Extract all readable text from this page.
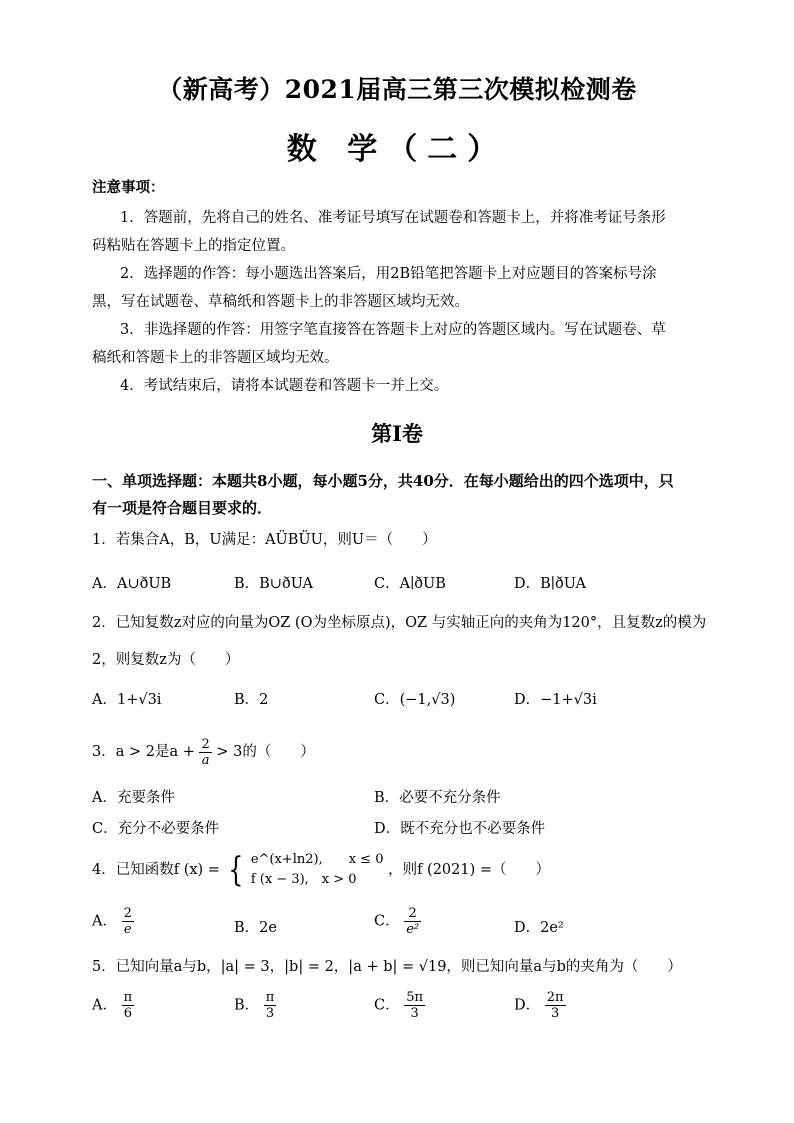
（新高考）2021届高三第三次模拟检测卷
数 学（二）
注意事项：
1．答题前，先将自己的姓名、准考证号填写在试题卷和答题卡上，并将准考证号条形
码粘贴在答题卡上的指定位置。
2．选择题的作答：每小题选出答案后，用2B铅笔把答题卡上对应题目的答案标号涂
黑，写在试题卷、草稿纸和答题卡上的非答题区域均无效。
3．非选择题的作答：用签字笔直接答在答题卡上对应的答题区域内。写在试题卷、草
稿纸和答题卡上的非答题区域均无效。
4．考试结束后，请将本试题卷和答题卡一并上交。
第Ⅰ卷
一、单项选择题：本题共8小题，每小题5分，共40分．在每小题给出的四个选项中，只
有一项是符合题目要求的．
1．若集合A，B，U满足：AÜBÜU，则U＝（　　）
A．A∪ðUB	B．B∪ðUA	C．A∣ðUB	D．B∣ðUA
2．已知复数z对应的向量为OZ (O为坐标原点)，OZ 与实轴正向的夹角为120°，且复数z的模为
2，则复数z为（　　）
A．1+√3i	B．2	C．(−1,√3)	D．−1+√3i
3．a > 2是$a + \frac{2}{a} > 3$的（　　）
A．充要条件	B．必要不充分条件
C．充分不必要条件	D．既不充分也不必要条件
4．已知函数f (x) = { e^(x+ln2),　　x ≤ 0
f (x − 3),　x > 0
，则f (2021) =（　　）
A． $\frac{2}{e}$	B．2e	C． $\frac{2}{\text{e²}}$	D．2e²
5．已知向量a与b，|a| = 3，|b| = 2，|a + b| = √19，则已知向量a与b的夹角为（　　）
A． $\frac{\pi}{6}$	B． $\frac{\pi}{3}$	C． $\frac{5\pi}{3}$	D． $\frac{2\pi}{3}$
